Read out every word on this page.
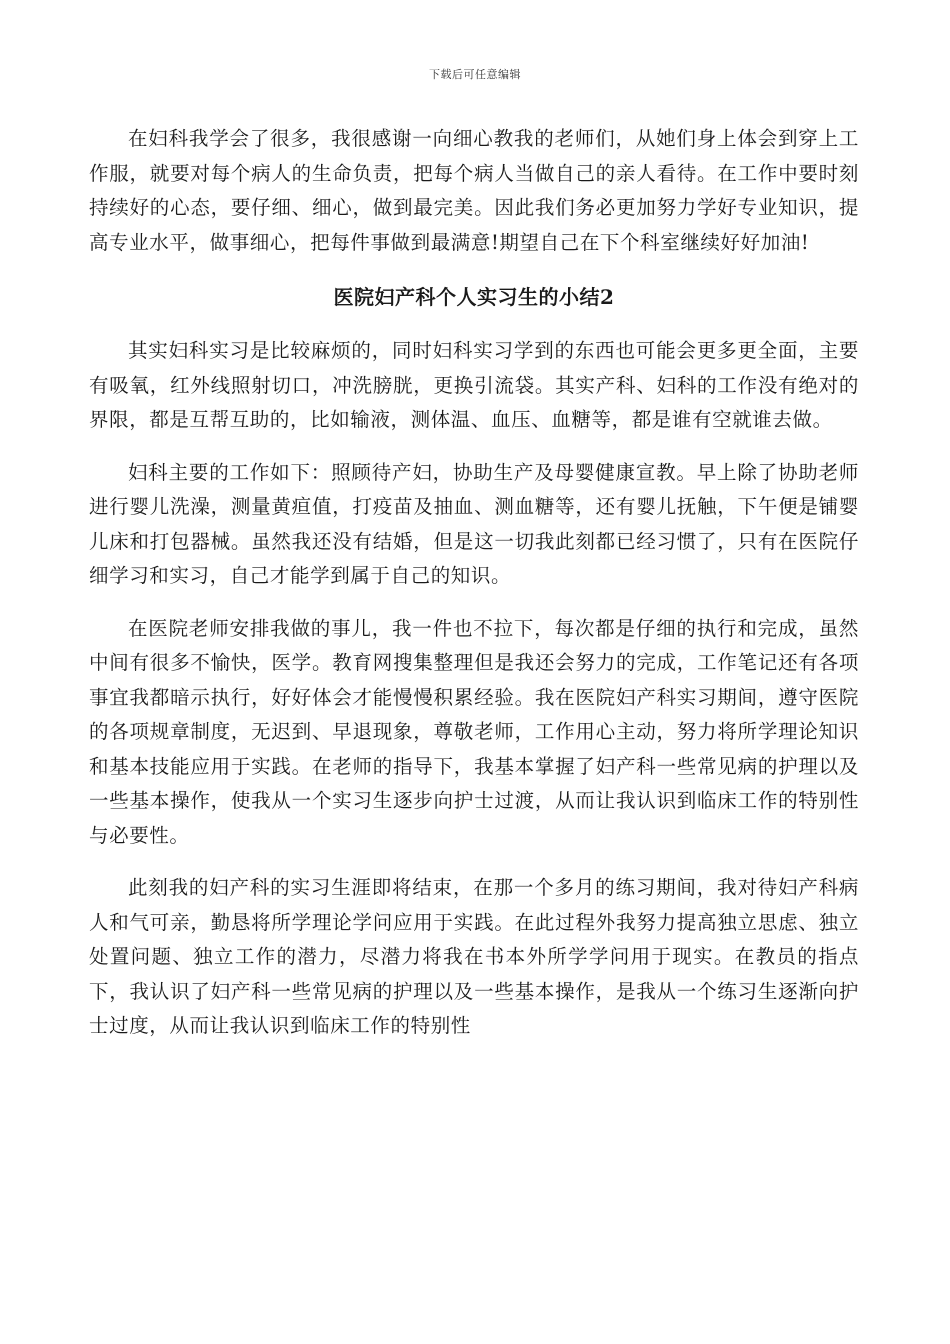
下载后可任意编辑

在妇科我学会了很多，我很感谢一向细心教我的老师们，从她们身上体会到穿上工作服，就要对每个病人的生命负责，把每个病人当做自己的亲人看待。在工作中要时刻持续好的心态，要仔细、细心，做到最完美。因此我们务必更加努力学好专业知识，提高专业水平，做事细心，把每件事做到最满意!期望自己在下个科室继续好好加油!

医院妇产科个人实习生的小结2

其实妇科实习是比较麻烦的，同时妇科实习学到的东西也可能会更多更全面，主要有吸氧，红外线照射切口，冲洗膀胱，更换引流袋。其实产科、妇科的工作没有绝对的界限，都是互帮互助的，比如输液，测体温、血压、血糖等，都是谁有空就谁去做。

妇科主要的工作如下：照顾待产妇，协助生产及母婴健康宣教。早上除了协助老师进行婴儿洗澡，测量黄疸值，打疫苗及抽血、测血糖等，还有婴儿抚触，下午便是铺婴儿床和打包器械。虽然我还没有结婚，但是这一切我此刻都已经习惯了，只有在医院仔细学习和实习，自己才能学到属于自己的知识。

在医院老师安排我做的事儿，我一件也不拉下，每次都是仔细的执行和完成，虽然中间有很多不愉快，医学。教育网搜集整理但是我还会努力的完成，工作笔记还有各项事宜我都暗示执行，好好体会才能慢慢积累经验。我在医院妇产科实习期间，遵守医院的各项规章制度，无迟到、早退现象，尊敬老师，工作用心主动，努力将所学理论知识和基本技能应用于实践。在老师的指导下，我基本掌握了妇产科一些常见病的护理以及一些基本操作，使我从一个实习生逐步向护士过渡，从而让我认识到临床工作的特别性与必要性。

此刻我的妇产科的实习生涯即将结束，在那一个多月的练习期间，我对待妇产科病人和气可亲，勤恳将所学理论学问应用于实践。在此过程外我努力提高独立思虑、独立处置问题、独立工作的潜力，尽潜力将我在书本外所学学问用于现实。在教员的指点下，我认识了妇产科一些常见病的护理以及一些基本操作，是我从一个练习生逐渐向护士过度，从而让我认识到临床工作的特别性
